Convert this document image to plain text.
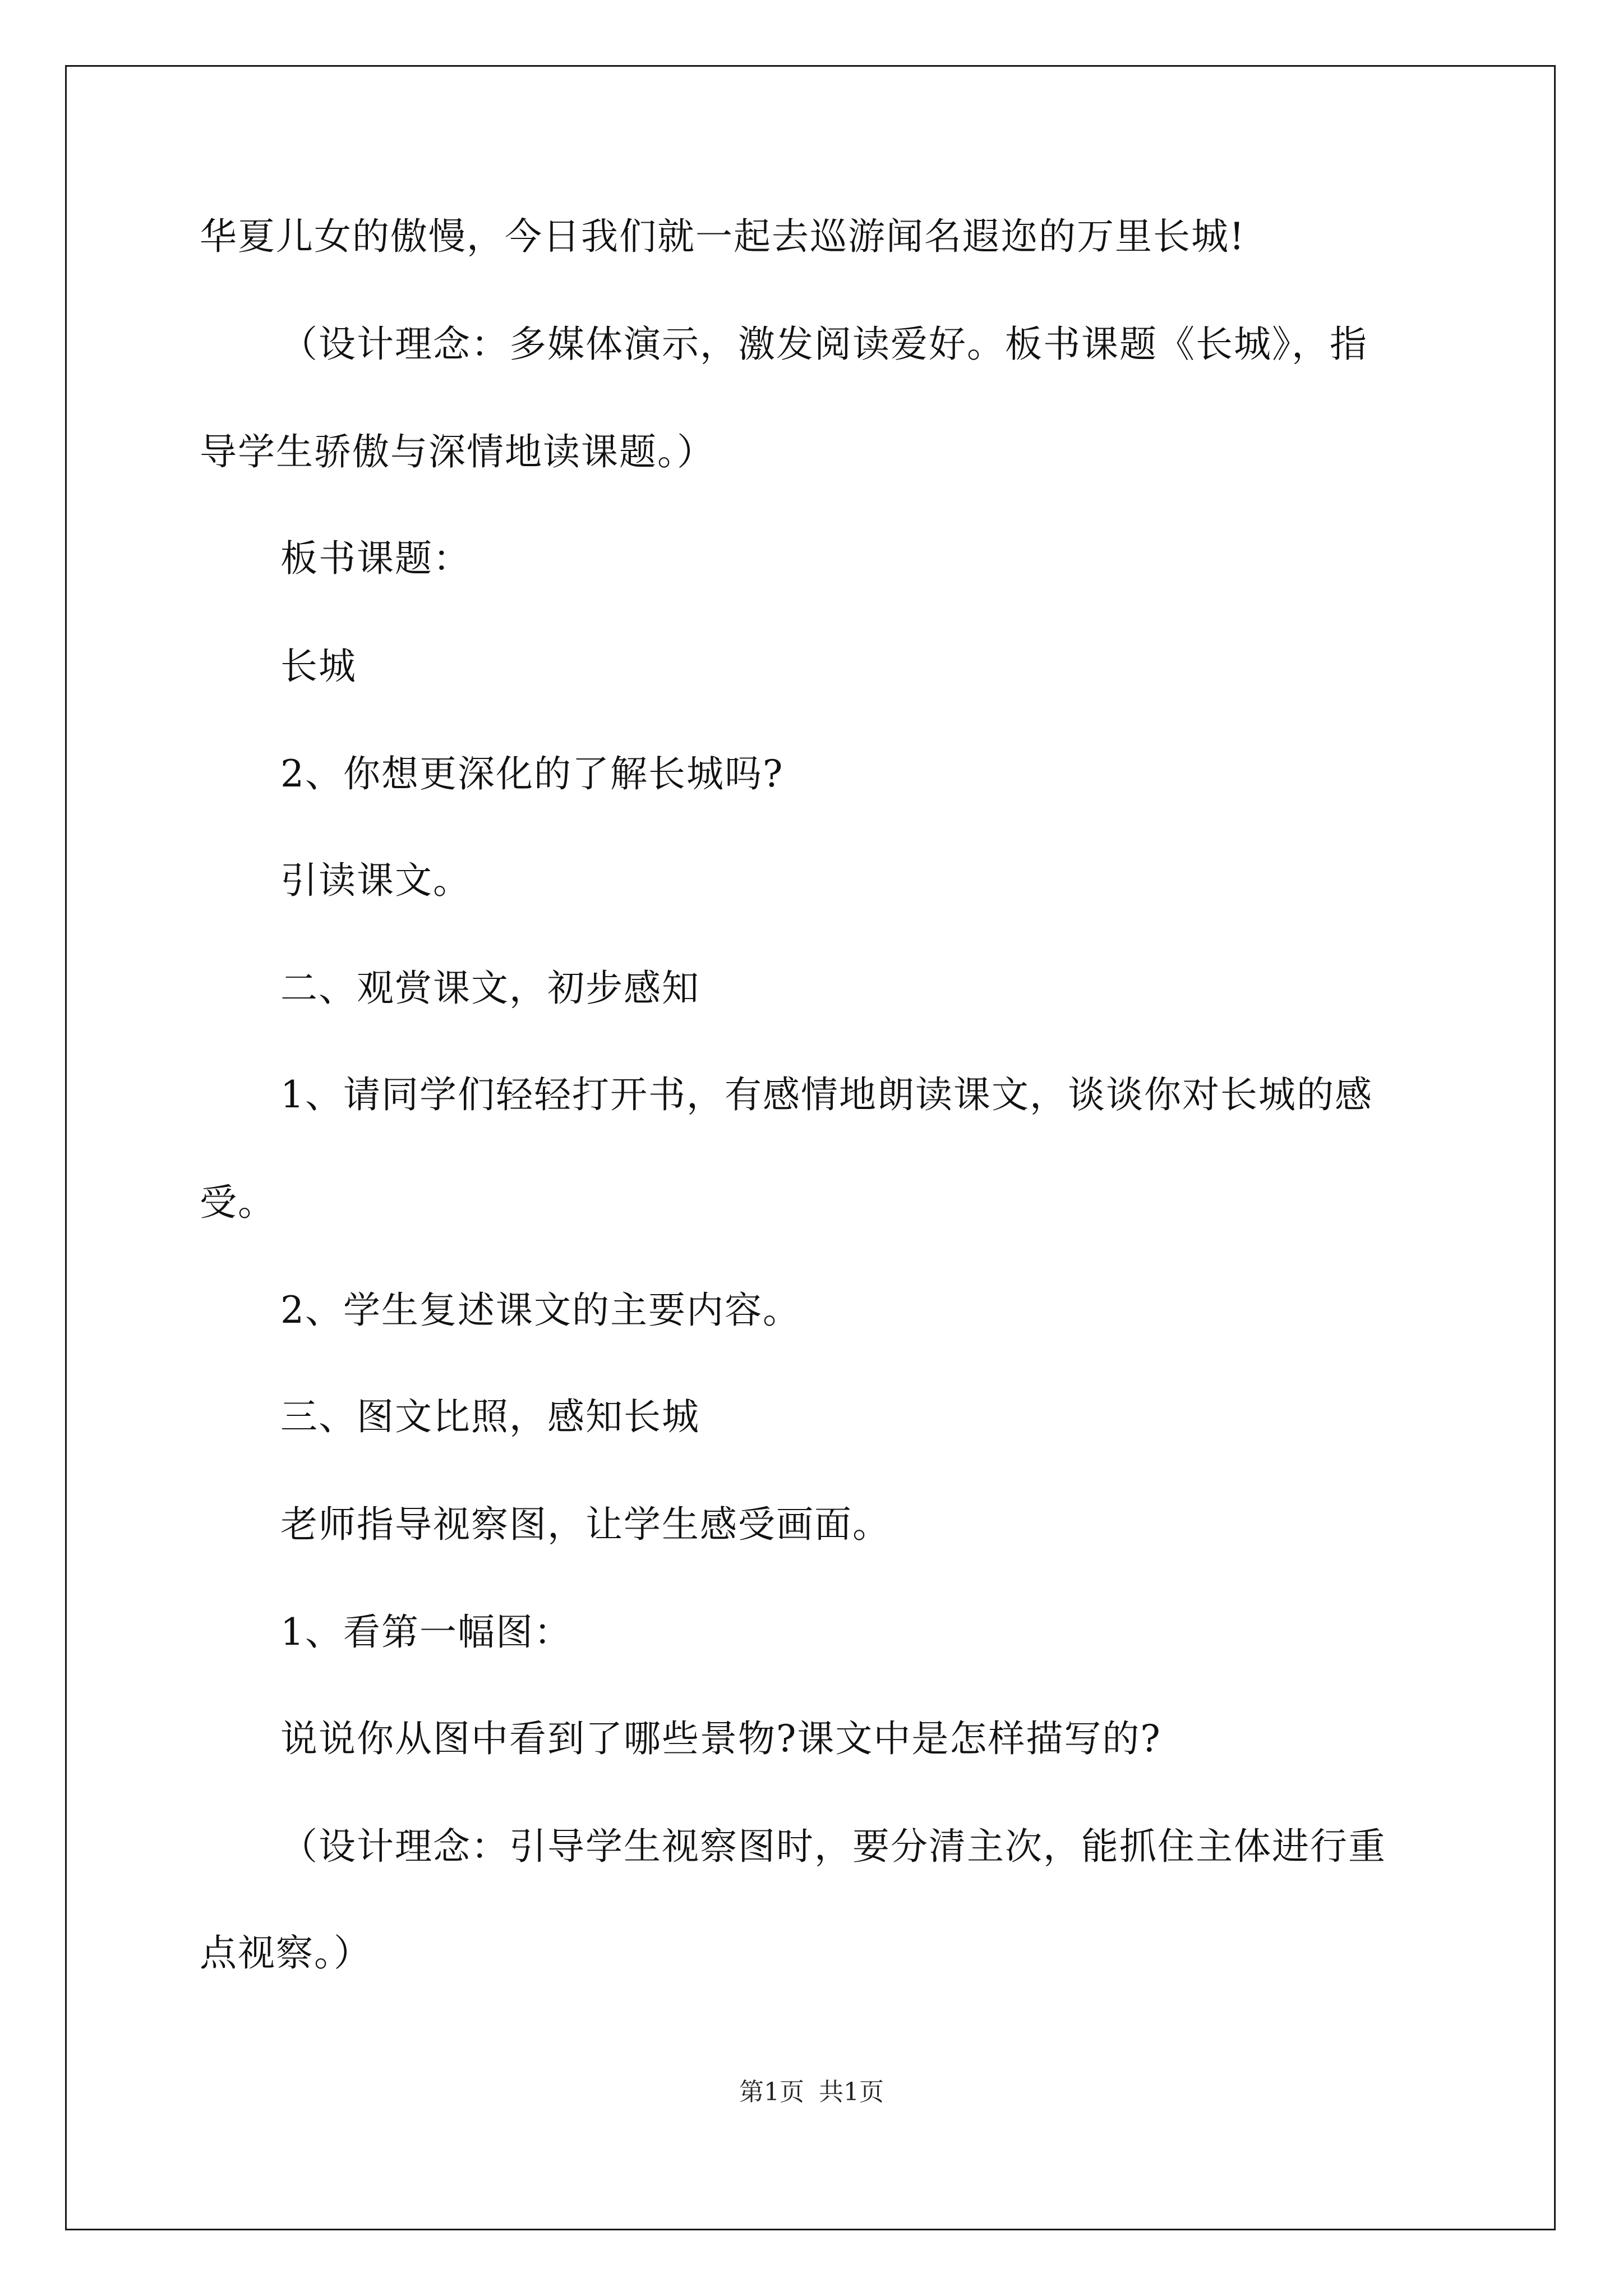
华夏儿女的傲慢，今日我们就一起去巡游闻名遐迩的万里长城!
（设计理念：多媒体演示，激发阅读爱好。板书课题《长城》，指
导学生骄傲与深情地读课题。）
板书课题：
长城
2、你想更深化的了解长城吗?
引读课文。
二、观赏课文，初步感知
1、请同学们轻轻打开书，有感情地朗读课文，谈谈你对长城的感
受。
2、学生复述课文的主要内容。
三、图文比照，感知长城
老师指导视察图，让学生感受画面。
1、看第一幅图：
说说你从图中看到了哪些景物?课文中是怎样描写的?
（设计理念：引导学生视察图时，要分清主次，能抓住主体进行重
点视察。）
第1页 共1页
